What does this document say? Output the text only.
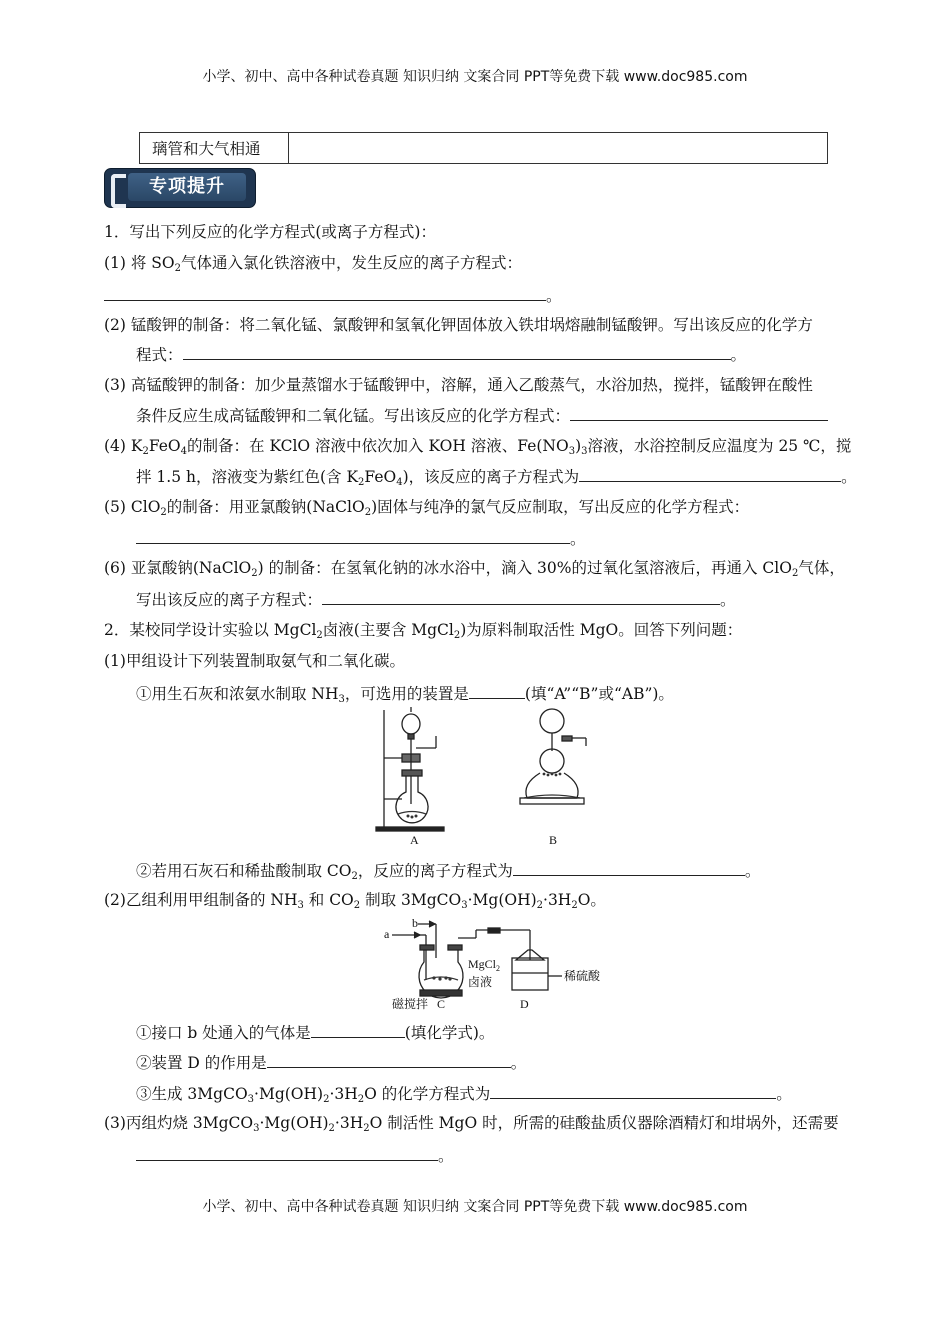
小学、初中、高中各种试卷真题 知识归纳 文案合同 PPT等免费下载 www.doc985.com
璃管和大气相通	
专项提升
1．写出下列反应的化学方程式(或离子方程式)：
(1) 将 $SO_2$气体通入氯化铁溶液中，发生反应的离子方程式：
。
(2) 锰酸钾的制备：将二氧化锰、氯酸钾和氢氧化钾固体放入铁坩埚熔融制锰酸钾。写出该反应的化学方
程式：	。
(3) 高锰酸钾的制备：加少量蒸馏水于锰酸钾中，溶解，通入乙酸蒸气，水浴加热，搅拌，锰酸钾在酸性
条件反应生成高锰酸钾和二氧化锰。写出该反应的化学方程式：
(4) $K_2FeO_4$的制备：在 KClO 溶液中依次加入 KOH 溶液、$Fe(NO_3)_3$溶液，水浴控制反应温度为 25 ℃，搅
拌 1.5 h，溶液变为紫红色(含 $K_2FeO_4$)，该反应的离子方程式为	。
(5) ClO$_2$的制备：用亚氯酸钠(NaClO$_2$)固体与纯净的氯气反应制取，写出反应的化学方程式：
。
(6) 亚氯酸钠(NaClO$_2$) 的制备：在氢氧化钠的冰水浴中，滴入 30%的过氧化氢溶液后，再通入 ClO$_2$气体，
写出该反应的离子方程式：	。
2．某校同学设计实验以 MgCl$_2$卤液(主要含 MgCl$_2$)为原料制取活性 MgO。回答下列问题：
(1)甲组设计下列装置制取氨气和二氧化碳。
①用生石灰和浓氨水制取 $NH_3$，可选用的装置是	(填“A”“B”或“AB”)。
A	B
②若用石灰石和稀盐酸制取 $CO_2$，反应的离子方程式为	。
(2)乙组利用甲组制备的 $NH_3$ 和 $CO_2$ 制取 $3MgCO_3\cdot Mg(OH)_2\cdot 3H_2O$。
a
b
MgCl$_2$
卤液
磁搅拌 C	D
稀硫酸
①接口 b 处通入的气体是	(填化学式)。
②装置 D 的作用是	。
③生成 $3MgCO_3\cdot Mg(OH)_2\cdot 3H_2O$ 的化学方程式为	。
(3)丙组灼烧 $3MgCO_3\cdot Mg(OH)_2\cdot 3H_2O$ 制活性 MgO 时，所需的硅酸盐质仪器除酒精灯和坩埚外，还需要
。
小学、初中、高中各种试卷真题 知识归纳 文案合同 PPT等免费下载 www.doc985.com
